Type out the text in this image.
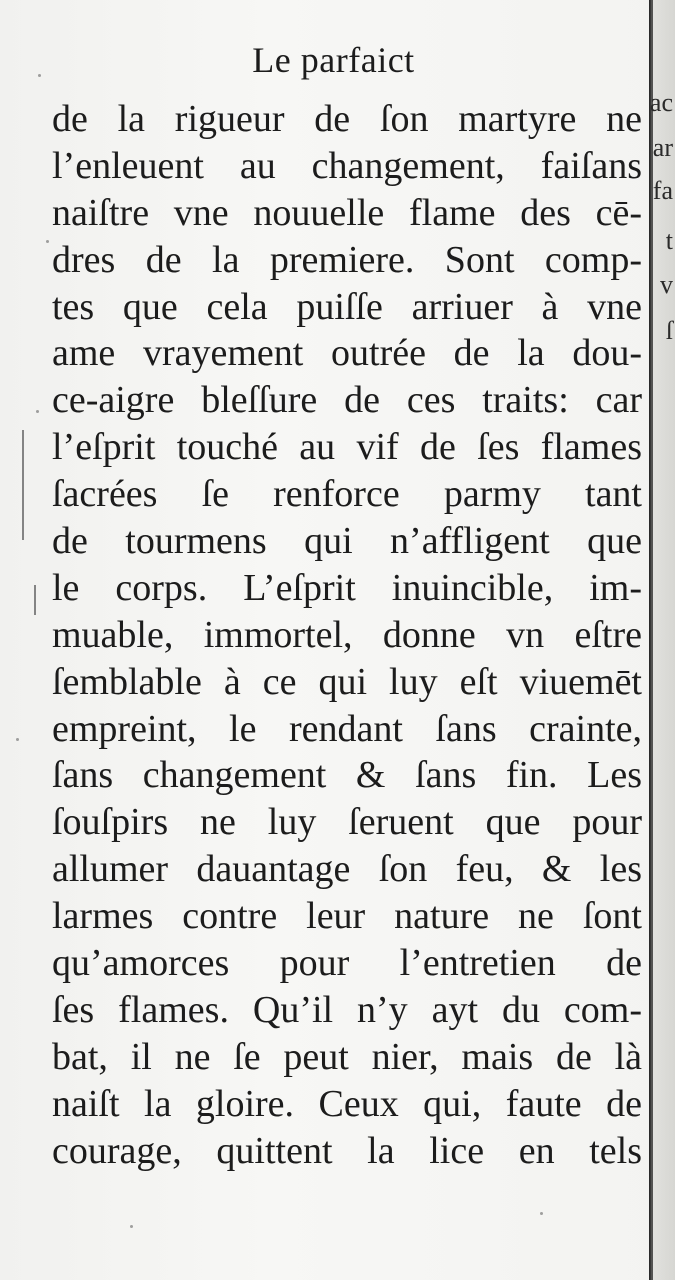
Le parfaict
de la rigueur de ſon martyre ne
l’enleuent au changement, faiſans
naiſtre vne nouuelle flame des cē-
dres de la premiere. Sont comp-
tes que cela puiſſe arriuer à vne
ame vrayement outrée de la dou-
ce-aigre bleſſure de ces traits: car
l’eſprit touché au vif de ſes flames
ſacrées ſe renforce parmy tant
de tourmens qui n’affligent que
le corps. L’eſprit inuincible, im-
muable, immortel, donne vn eſtre
ſemblable à ce qui luy eſt viuemēt
empreint, le rendant ſans crainte,
ſans changement & ſans fin. Les
ſouſpirs ne luy ſeruent que pour
allumer dauantage ſon feu, & les
larmes contre leur nature ne ſont
qu’amorces pour l’entretien de
ſes flames. Qu’il n’y ayt du com-
bat, il ne ſe peut nier, mais de là
naiſt la gloire. Ceux qui, faute de
courage, quittent la lice en tels
ac
ar
fa
t
v
ſ
